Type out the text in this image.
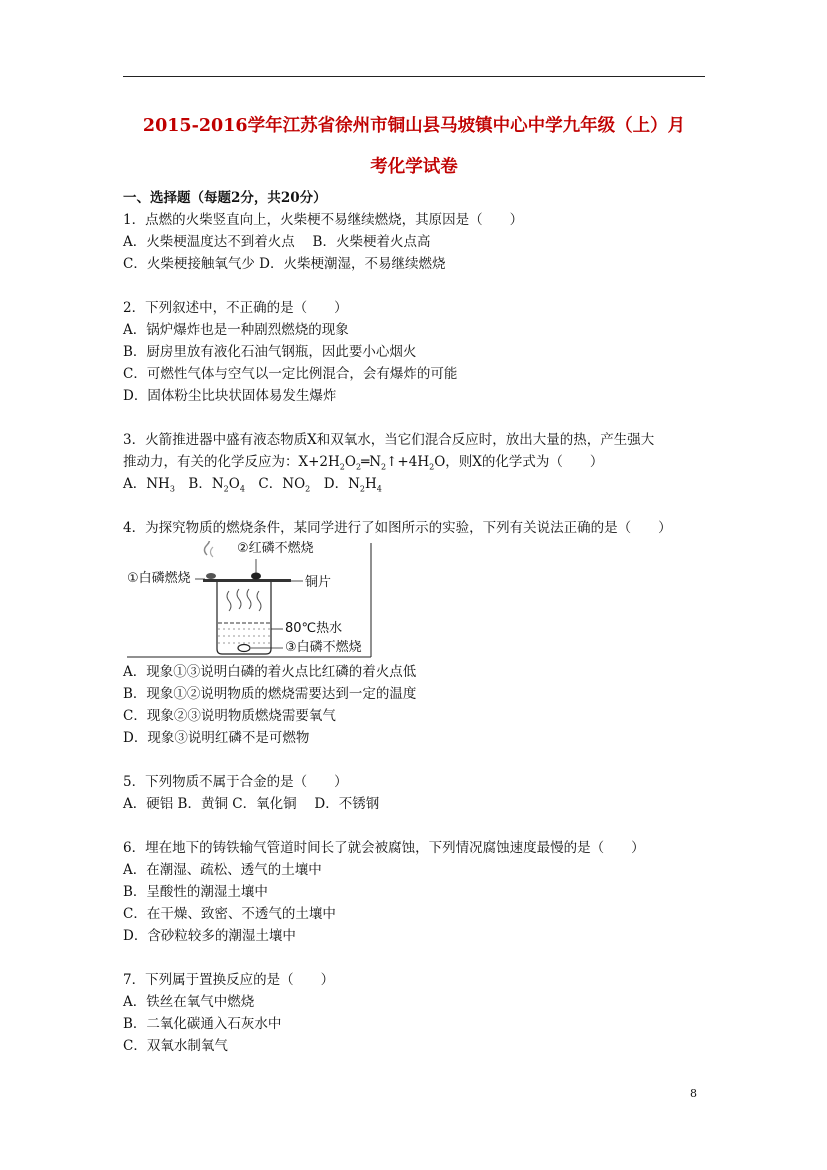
2015-2016学年江苏省徐州市铜山县马坡镇中心中学九年级（上）月
考化学试卷
一、选择题（每题2分，共20分）
1．点燃的火柴竖直向上，火柴梗不易继续燃烧，其原因是（　　）
A．火柴梗温度达不到着火点　 B．火柴梗着火点高
C．火柴梗接触氧气少 D．火柴梗潮湿，不易继续燃烧
2．下列叙述中，不正确的是（　　）
A．锅炉爆炸也是一种剧烈燃烧的现象
B．厨房里放有液化石油气钢瓶，因此要小心烟火
C．可燃性气体与空气以一定比例混合，会有爆炸的可能
D．固体粉尘比块状固体易发生爆炸
3．火箭推进器中盛有液态物质X和双氧水，当它们混合反应时，放出大量的热，产生强大
推动力，有关的化学反应为：$X+2H_2O_2═N_2↑+4H_2O$，则X的化学式为（　　）
A．$NH_3$　B．$N_2O_4$　C．$NO_2$　D．$N_2H_4$
4．为探究物质的燃烧条件，某同学进行了如图所示的实验，下列有关说法正确的是（　　）
②红磷不燃烧
①白磷燃烧	铜片
80℃热水
③白磷不燃烧
A．现象①③说明白磷的着火点比红磷的着火点低
B．现象①②说明物质的燃烧需要达到一定的温度
C．现象②③说明物质燃烧需要氧气
D．现象③说明红磷不是可燃物
5．下列物质不属于合金的是（　　）
A．硬铝 B．黄铜 C．氧化铜　 D．不锈钢
6．埋在地下的铸铁输气管道时间长了就会被腐蚀，下列情况腐蚀速度最慢的是（　　）
A．在潮湿、疏松、透气的土壤中
B．呈酸性的潮湿土壤中
C．在干燥、致密、不透气的土壤中
D．含砂粒较多的潮湿土壤中
7．下列属于置换反应的是（　　）
A．铁丝在氧气中燃烧
B．二氧化碳通入石灰水中
C．双氧水制氧气
8
